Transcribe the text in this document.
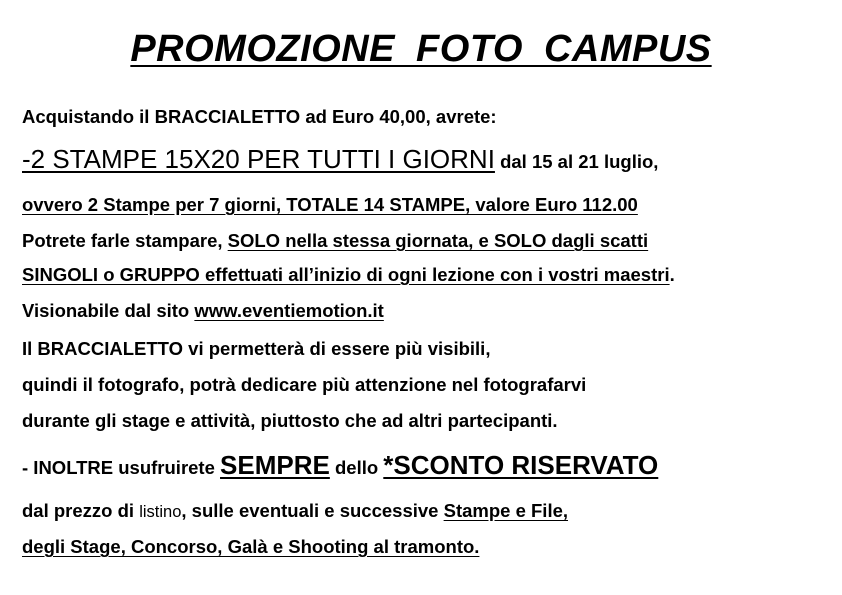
PROMOZIONE FOTO CAMPUS
Acquistando il BRACCIALETTO ad Euro 40,00, avrete:
-2 STAMPE 15X20 PER TUTTI I GIORNI dal 15 al 21 luglio,
ovvero 2 Stampe per 7 giorni, TOTALE 14 STAMPE, valore Euro 112.00
Potrete farle stampare, SOLO nella stessa giornata, e SOLO dagli scatti
SINGOLI o GRUPPO effettuati all’inizio di ogni lezione con i vostri maestri.
Visionabile dal sito www.eventiemotion.it
Il BRACCIALETTO vi permetterà di essere più visibili,
quindi il fotografo, potrà dedicare più attenzione nel fotografarvi
durante gli stage e attività, piuttosto che ad altri partecipanti.
- INOLTRE usufruirete SEMPRE dello *SCONTO RISERVATO
dal prezzo di listino, sulle eventuali e successive Stampe e File,
degli Stage, Concorso, Galà e Shooting al tramonto.
